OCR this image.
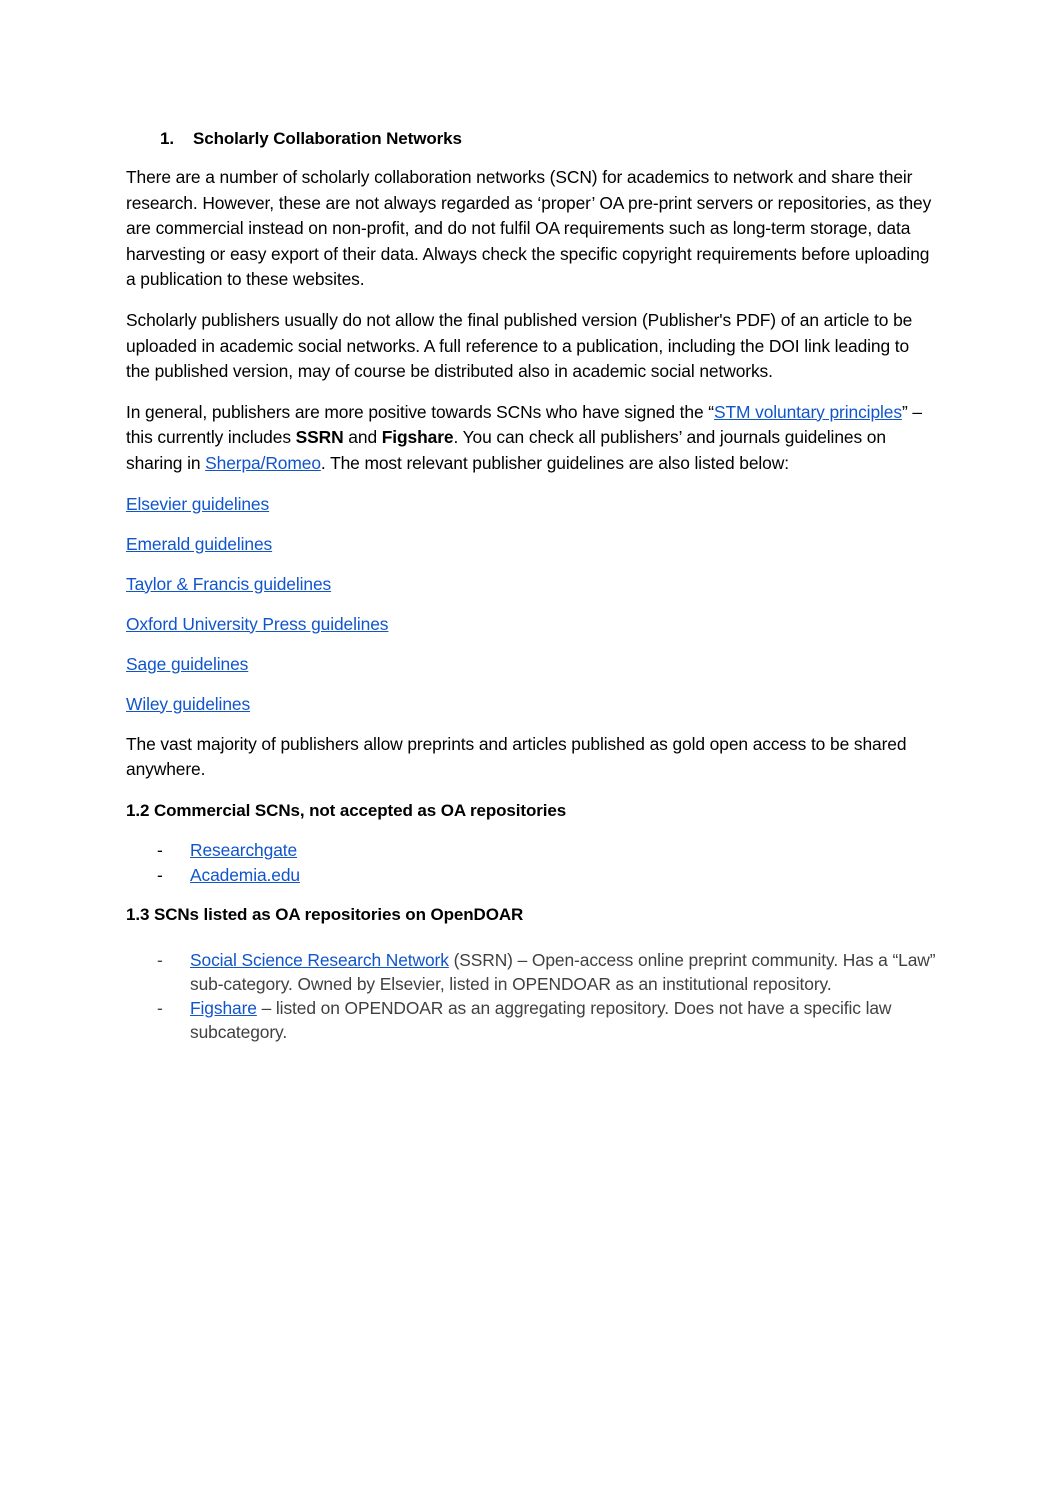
1. Scholarly Collaboration Networks

There are a number of scholarly collaboration networks (SCN) for academics to network and share their research. However, these are not always regarded as ‘proper’ OA pre-print servers or repositories, as they are commercial instead on non-profit, and do not fulfil OA requirements such as long-term storage, data harvesting or easy export of their data. Always check the specific copyright requirements before uploading a publication to these websites.

Scholarly publishers usually do not allow the final published version (Publisher's PDF) of an article to be uploaded in academic social networks. A full reference to a publication, including the DOI link leading to the published version, may of course be distributed also in academic social networks.

In general, publishers are more positive towards SCNs who have signed the “STM voluntary principles” – this currently includes SSRN and Figshare. You can check all publishers’ and journals guidelines on sharing in Sherpa/Romeo. The most relevant publisher guidelines are also listed below:

Elsevier guidelines
Emerald guidelines
Taylor & Francis guidelines
Oxford University Press guidelines
Sage guidelines
Wiley guidelines

The vast majority of publishers allow preprints and articles published as gold open access to be shared anywhere.

1.2 Commercial SCNs, not accepted as OA repositories
- Researchgate
- Academia.edu
1.3 SCNs listed as OA repositories on OpenDOAR
- Social Science Research Network (SSRN) – Open-access online preprint community. Has a “Law” sub-category. Owned by Elsevier, listed in OPENDOAR as an institutional repository.
- Figshare – listed on OPENDOAR as an aggregating repository. Does not have a specific law subcategory.
